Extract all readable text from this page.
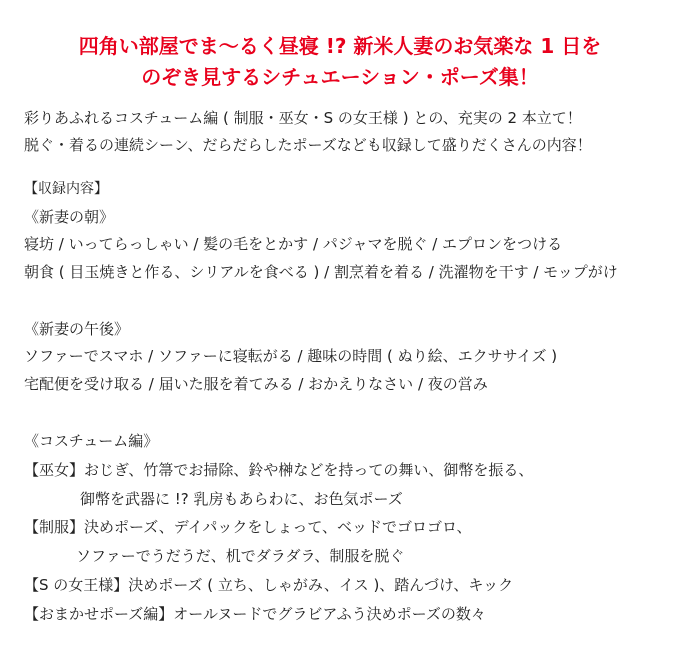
四角い部屋でま〜るく昼寝 !? 新米人妻のお気楽な 1 日を
のぞき見するシチュエーション・ポーズ集！
彩りあふれるコスチューム編 ( 制服・巫女・S の女王様 ) との、充実の 2 本立て！
脱ぐ・着るの連続シーン、だらだらしたポーズなども収録して盛りだくさんの内容！
【収録内容】
《新妻の朝》
寝坊 / いってらっしゃい / 髪の毛をとかす / パジャマを脱ぐ / エプロンをつける
朝食 ( 目玉焼きと作る、シリアルを食べる ) / 割烹着を着る / 洗濯物を干す / モップがけ
《新妻の午後》
ソファーでスマホ / ソファーに寝転がる / 趣味の時間 ( ぬり絵、エクササイズ )
宅配便を受け取る / 届いた服を着てみる / おかえりなさい / 夜の営み
《コスチューム編》
【巫女】おじぎ、竹箒でお掃除、鈴や榊などを持っての舞い、御幣を振る、
御幣を武器に !? 乳房もあらわに、お色気ポーズ
【制服】決めポーズ、デイパックをしょって、ベッドでゴロゴロ、
ソファーでうだうだ、机でダラダラ、制服を脱ぐ
【S の女王様】決めポーズ ( 立ち、しゃがみ、イス )、踏んづけ、キック
【おまかせポーズ編】オールヌードでグラビアふう決めポーズの数々
